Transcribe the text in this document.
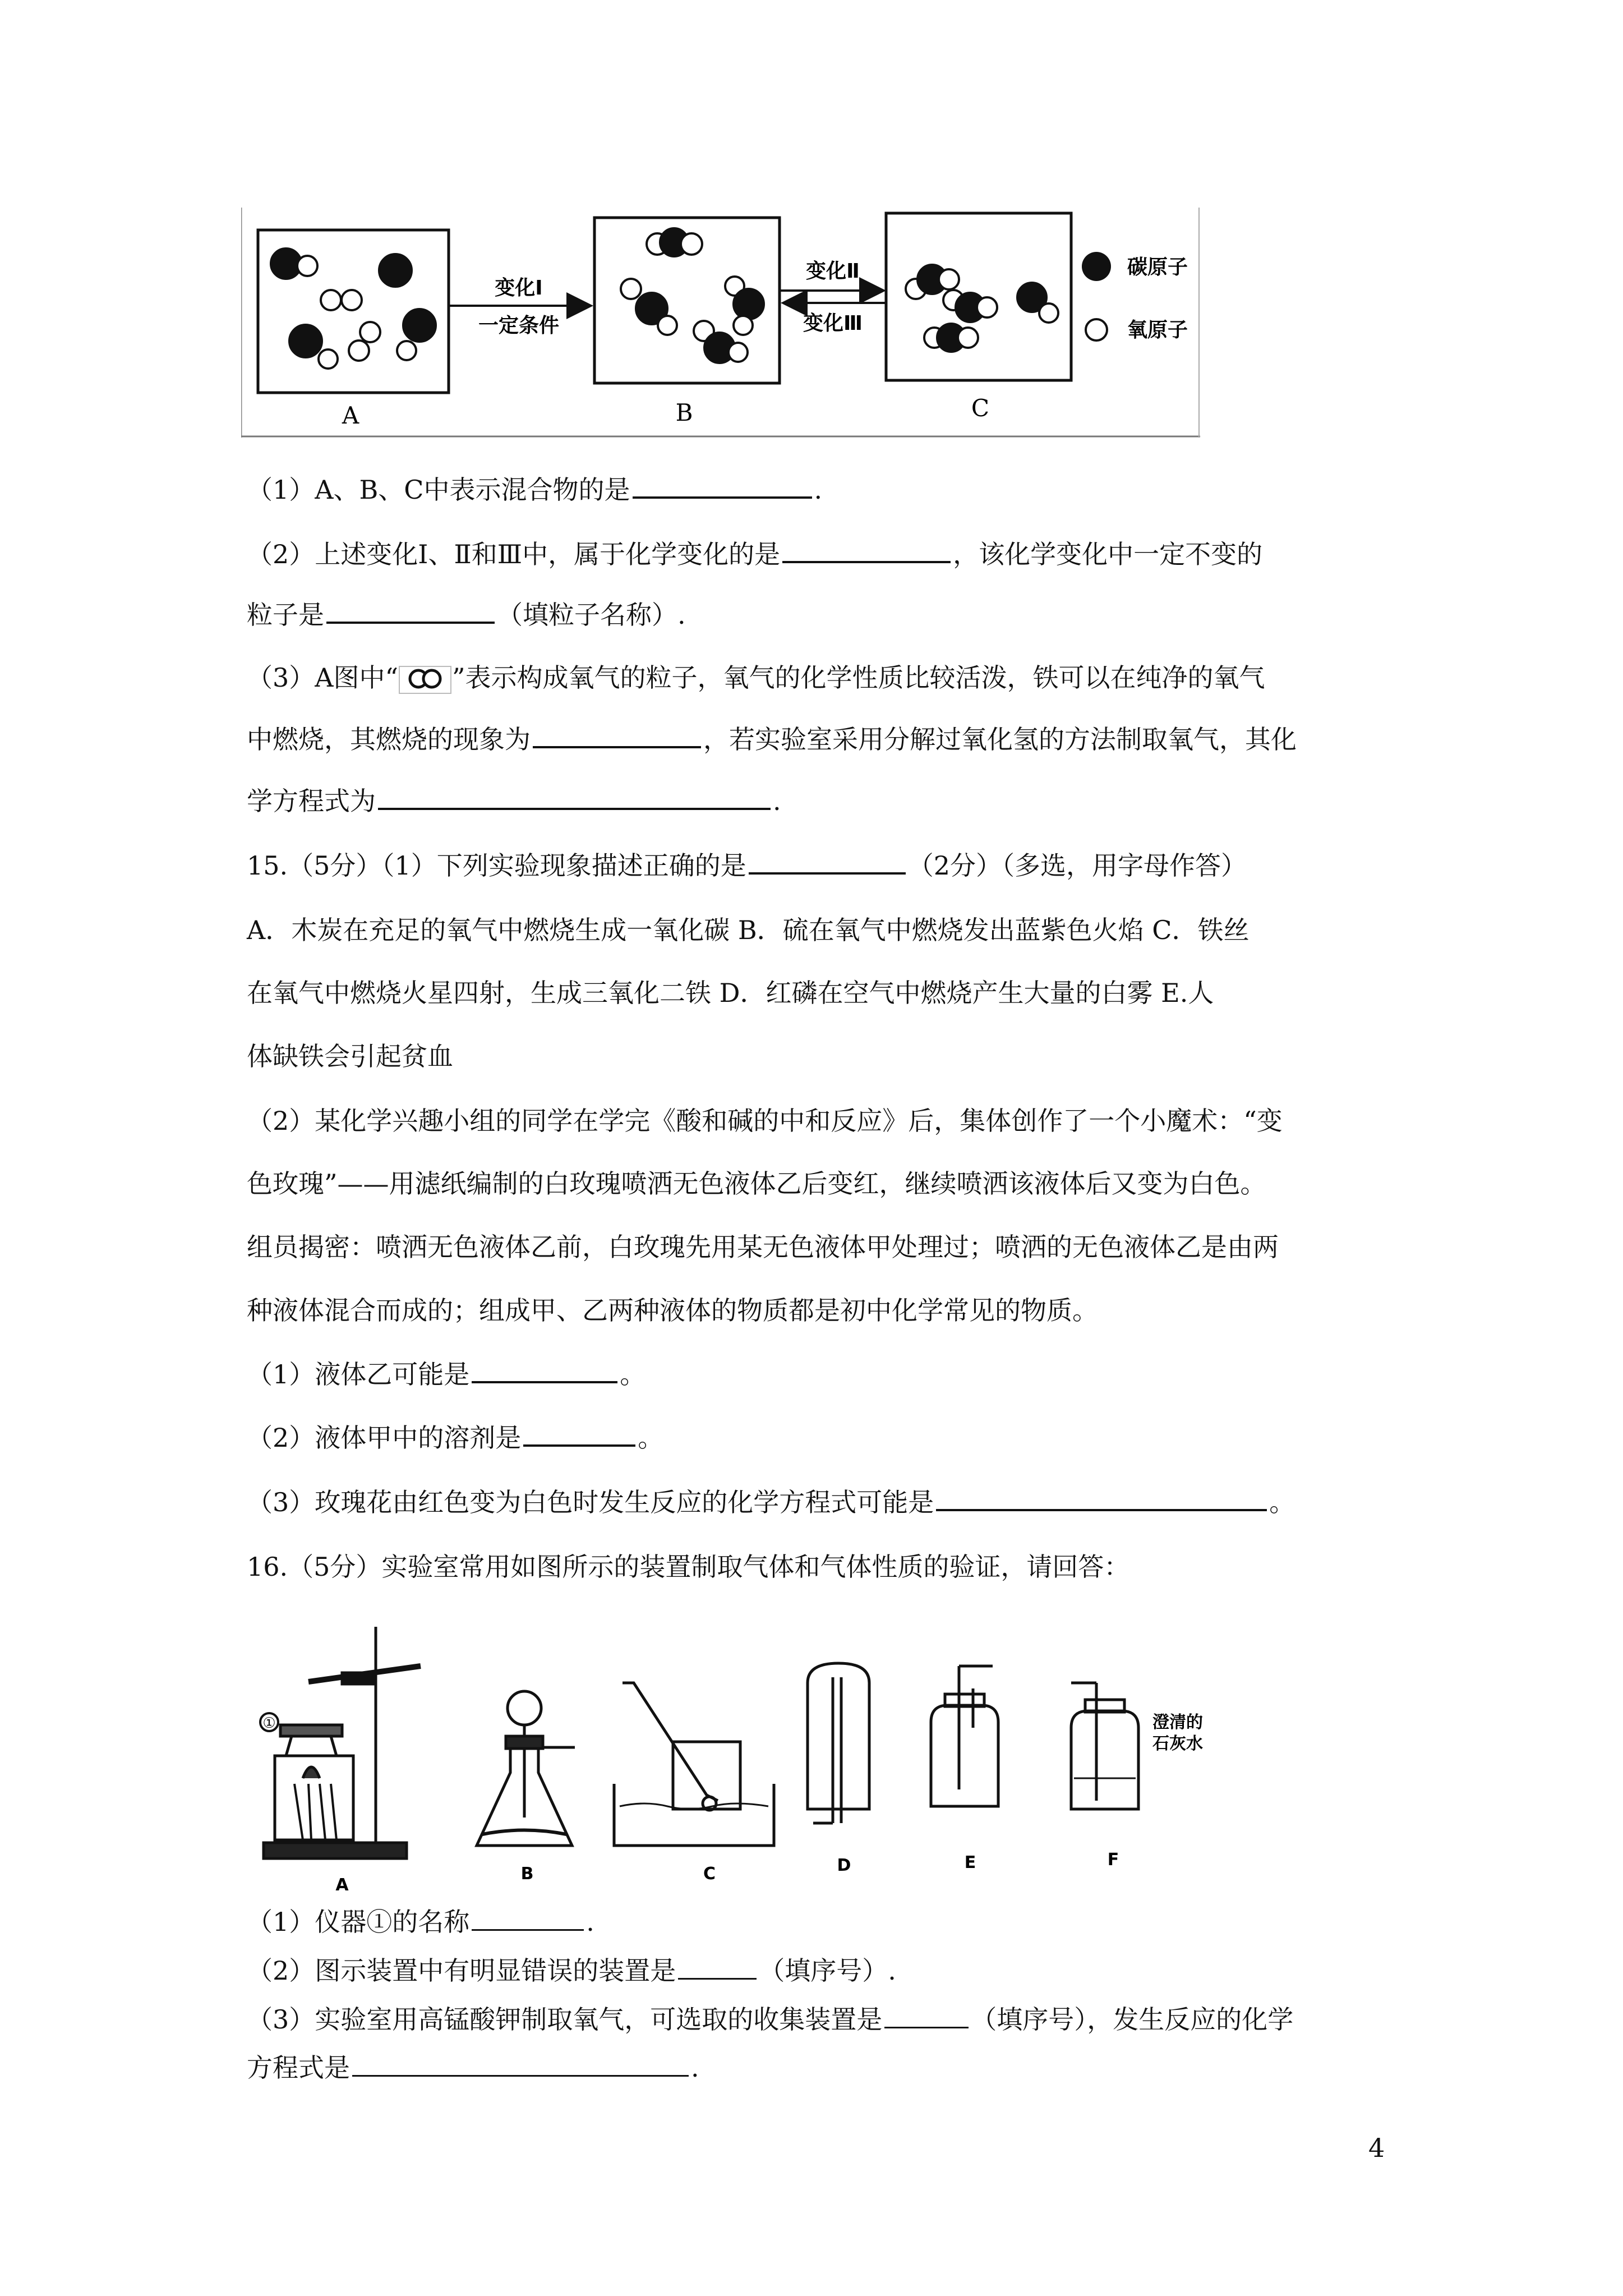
A
变化Ⅰ
一定条件
B
变化Ⅱ
变化Ⅲ
C
碳原子
氧原子
（1）A、B、C中表示混合物的是	.
（2）上述变化Ⅰ、Ⅱ和Ⅲ中，属于化学变化的是	，该化学变化中一定不变的
粒子是	（填粒子名称）.
（3）A图中“ ”表示构成氧气的粒子，氧气的化学性质比较活泼，铁可以在纯净的氧气
中燃烧，其燃烧的现象为	，若实验室采用分解过氧化氢的方法制取氧气，其化
学方程式为	.
15.（5分）（1）下列实验现象描述正确的是	（2分）（多选，用字母作答）
A．木炭在充足的氧气中燃烧生成一氧化碳 B．硫在氧气中燃烧发出蓝紫色火焰 C．铁丝
在氧气中燃烧火星四射，生成三氧化二铁 D．红磷在空气中燃烧产生大量的白雾 E.人
体缺铁会引起贫血
（2）某化学兴趣小组的同学在学完《酸和碱的中和反应》后，集体创作了一个小魔术：“变
色玫瑰”——用滤纸编制的白玫瑰喷洒无色液体乙后变红，继续喷洒该液体后又变为白色。
组员揭密：喷洒无色液体乙前，白玫瑰先用某无色液体甲处理过；喷洒的无色液体乙是由两
种液体混合而成的；组成甲、乙两种液体的物质都是初中化学常见的物质。
（1）液体乙可能是	。
（2）液体甲中的溶剂是	。
（3）玫瑰花由红色变为白色时发生反应的化学方程式可能是	。
16.（5分）实验室常用如图所示的装置制取气体和气体性质的验证，请回答：
①	澄清的
石灰水
A
B	C	D	E	F
（1）仪器①的名称	.
（2）图示装置中有明显错误的装置是	（填序号）.
（3）实验室用高锰酸钾制取氧气，可选取的收集装置是	（填序号），发生反应的化学
方程式是	.
4
